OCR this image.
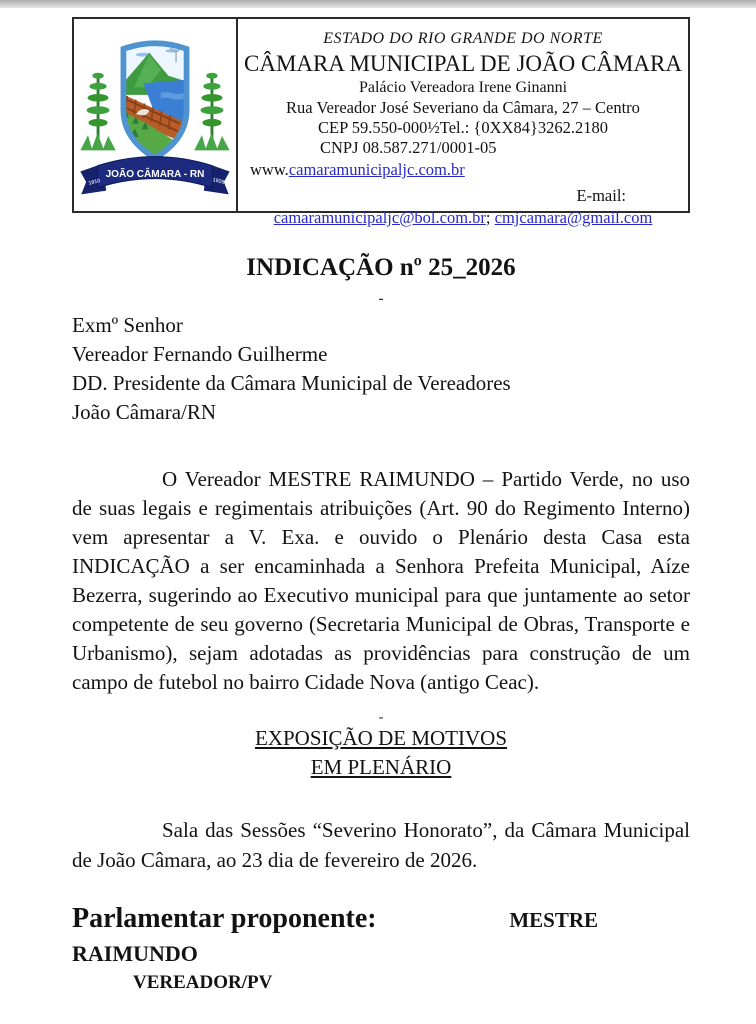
JOÃO CÂMARA - RN
1910	1928
ESTADO DO RIO GRANDE DO NORTE
CÂMARA MUNICIPAL DE JOÃO CÂMARA
Palácio Vereadora Irene Ginanni
Rua Vereador José Severiano da Câmara, 27 – Centro
CEP 59.550-000½Tel.: {0XX84}3262.2180
CNPJ 08.587.271/0001-05
www.camaramunicipaljc.com.br
E-mail:
camaramunicipaljc@bol.com.br; cmjcamara@gmail.com
INDICAÇÃO nº 25_2026
-
Exmº Senhor
Vereador Fernando Guilherme
DD. Presidente da Câmara Municipal de Vereadores
João Câmara/RN
O Vereador MESTRE RAIMUNDO – Partido Verde, no uso de suas legais e regimentais atribuições (Art. 90 do Regimento Interno) vem apresentar a V. Exa. e ouvido o Plenário desta Casa esta INDICAÇÃO a ser encaminhada a Senhora Prefeita Municipal, Aíze Bezerra, sugerindo ao Executivo municipal para que juntamente ao setor competente de seu governo (Secretaria Municipal de Obras, Transporte e Urbanismo), sejam adotadas as providências para construção de um campo de futebol no bairro Cidade Nova (antigo Ceac).
-
EXPOSIÇÃO DE MOTIVOS
EM PLENÁRIO
Sala das Sessões “Severino Honorato”, da Câmara Municipal de João Câmara, ao 23 dia de fevereiro de 2026.
Parlamentar proponente:	MESTRE
RAIMUNDO
VEREADOR/PV
